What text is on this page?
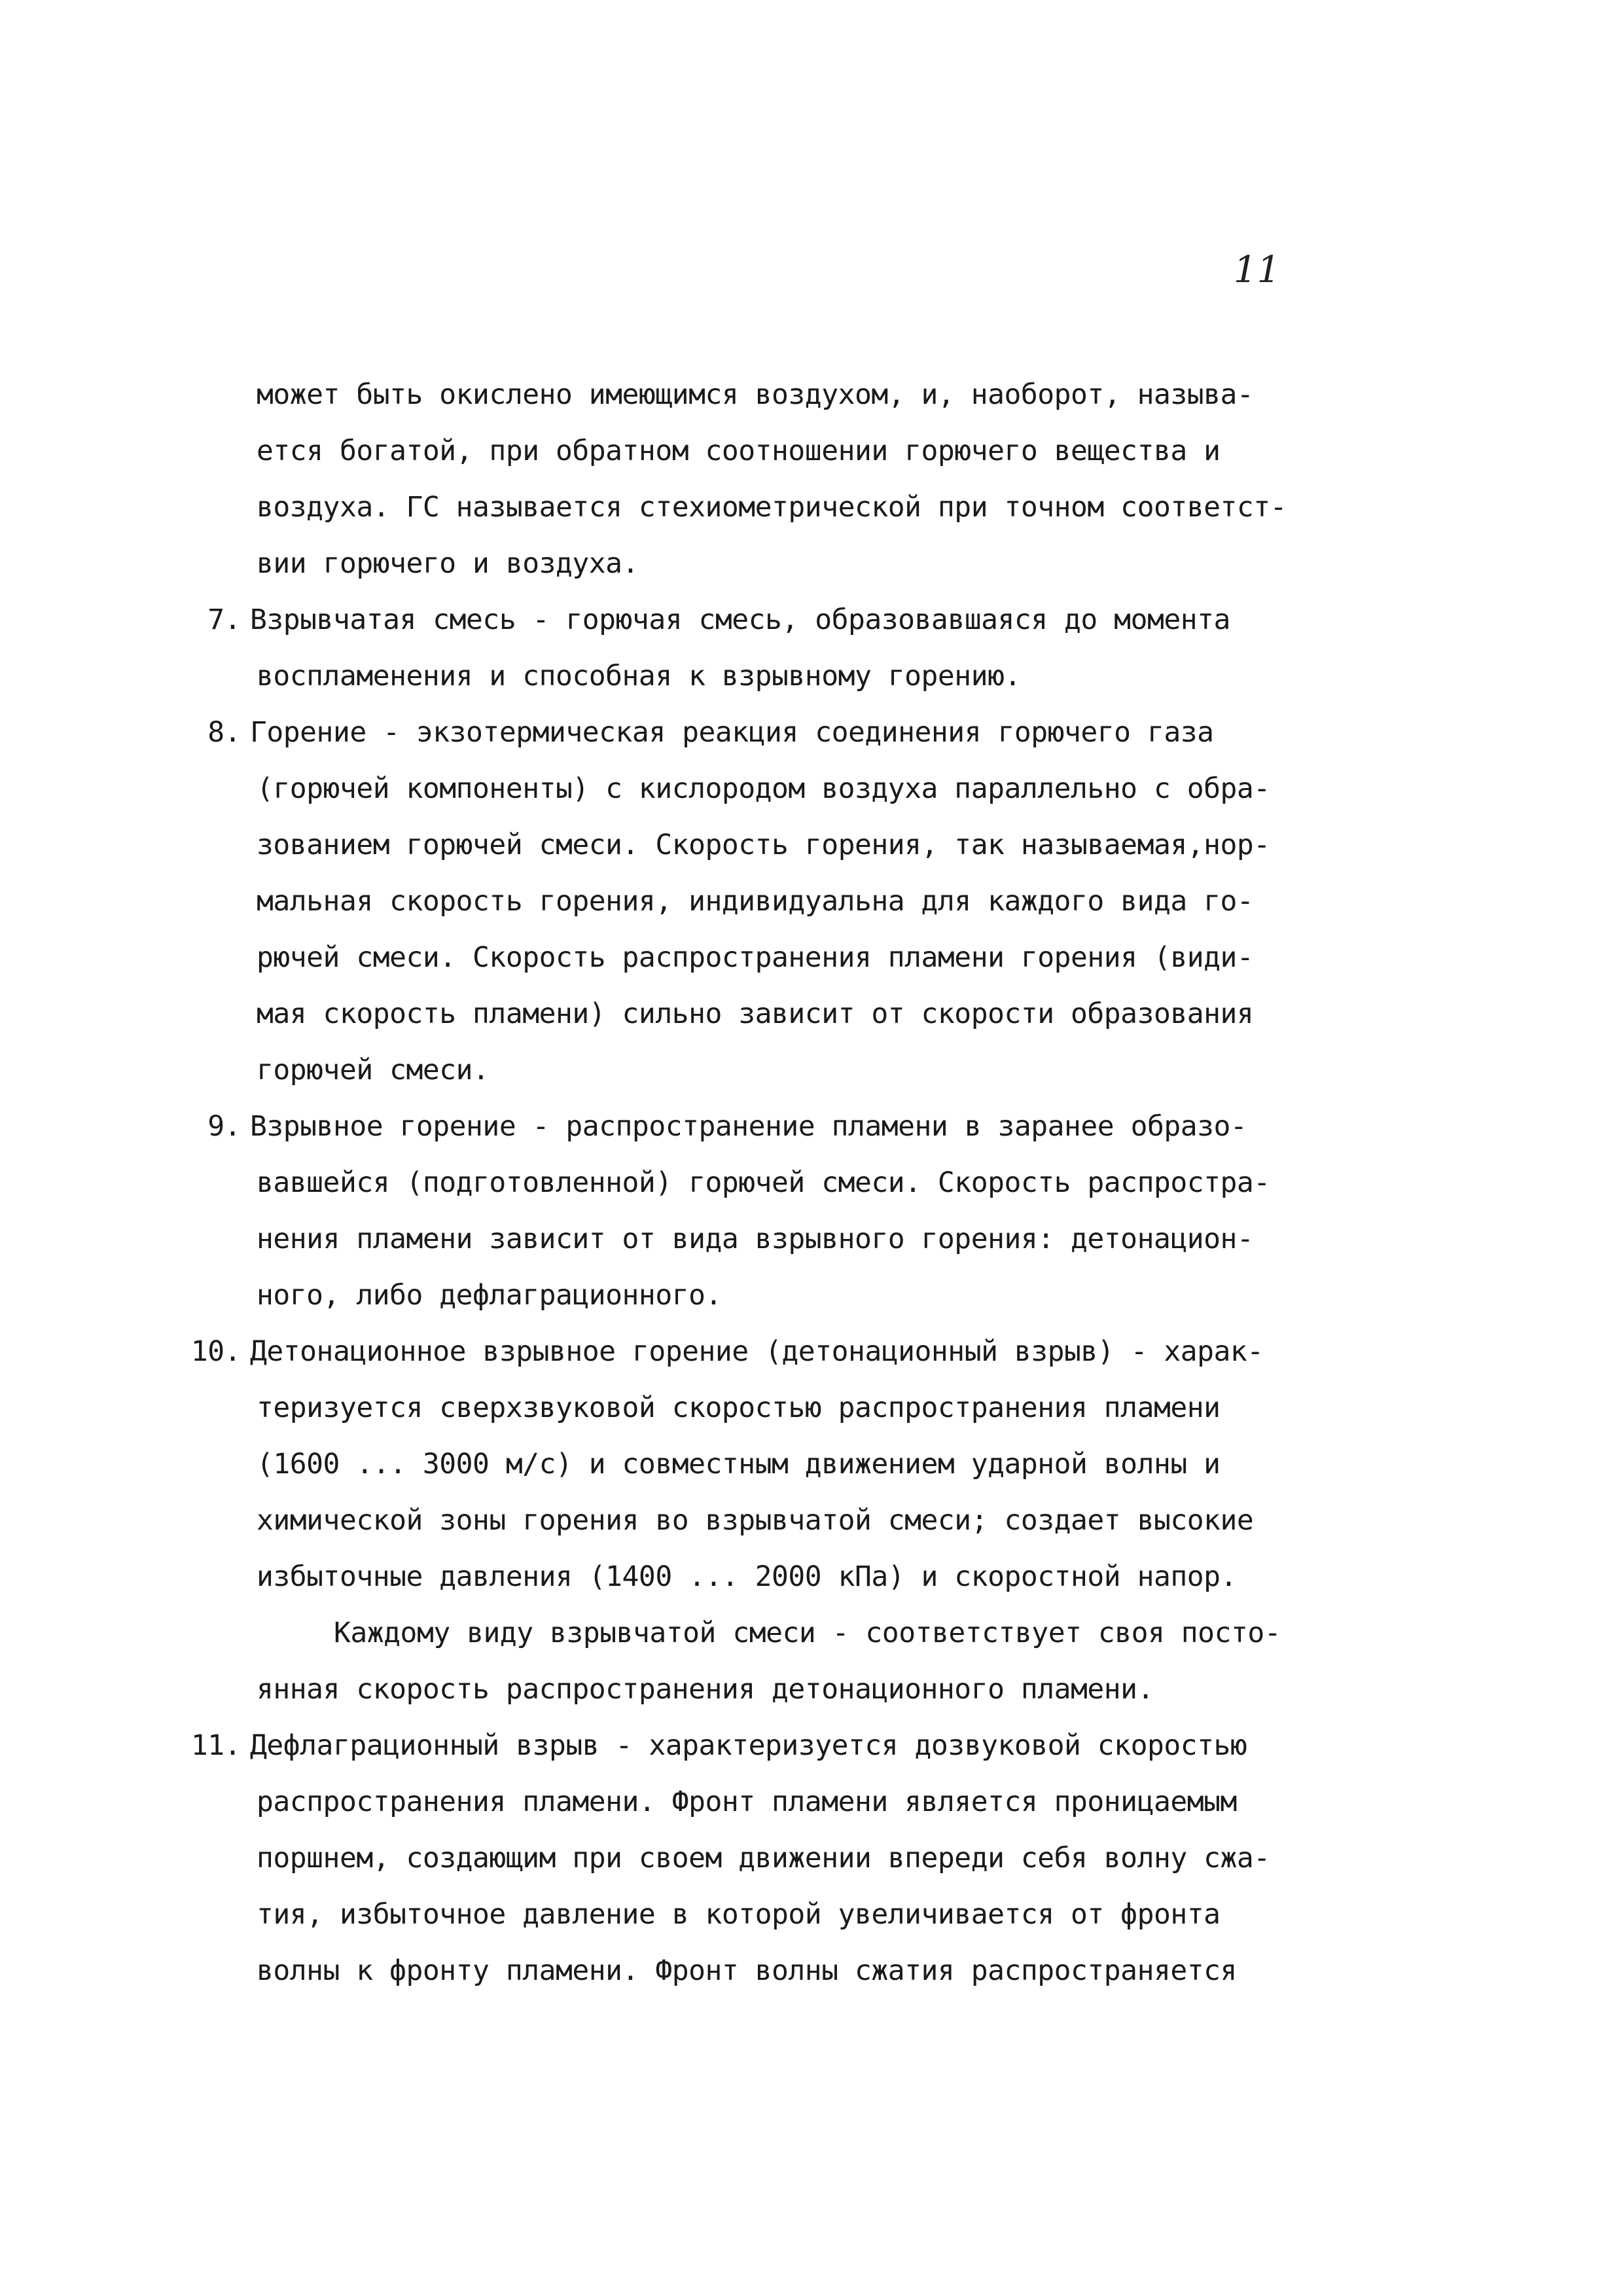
11
может быть окислено имеющимся воздухом, и, наоборот, называ-
ется богатой, при обратном соотношении горючего вещества и
воздуха. ГС называется стехиометрической при точном соответст-
вии горючего и воздуха.
7. Взрывчатая смесь - горючая смесь, образовавшаяся до момента
воспламенения и способная к взрывному горению.
8. Горение - экзотермическая реакция соединения горючего газа
(горючей компоненты) с кислородом воздуха параллельно с обра-
зованием горючей смеси. Скорость горения, так называемая,нор-
мальная скорость горения, индивидуальна для каждого вида го-
рючей смеси. Скорость распространения пламени горения (види-
мая скорость пламени) сильно зависит от скорости образования
горючей смеси.
9. Взрывное горение - распространение пламени в заранее образо-
вавшейся (подготовленной) горючей смеси. Скорость распростра-
нения пламени зависит от вида взрывного горения: детонацион-
ного, либо дефлаграционного.
10. Детонационное взрывное горение (детонационный взрыв) - харак-
теризуется сверхзвуковой скоростью распространения пламени
(1600 ... 3000 м/с) и совместным движением ударной волны и
химической зоны горения во взрывчатой смеси; создает высокие
избыточные давления (1400 ... 2000 кПа) и скоростной напор.
Каждому виду взрывчатой смеси - соответствует своя посто-
янная скорость распространения детонационного пламени.
11. Дефлаграционный взрыв - характеризуется дозвуковой скоростью
распространения пламени. Фронт пламени является проницаемым
поршнем, создающим при своем движении впереди себя волну сжа-
тия, избыточное давление в которой увеличивается от фронта
волны к фронту пламени. Фронт волны сжатия распространяется
